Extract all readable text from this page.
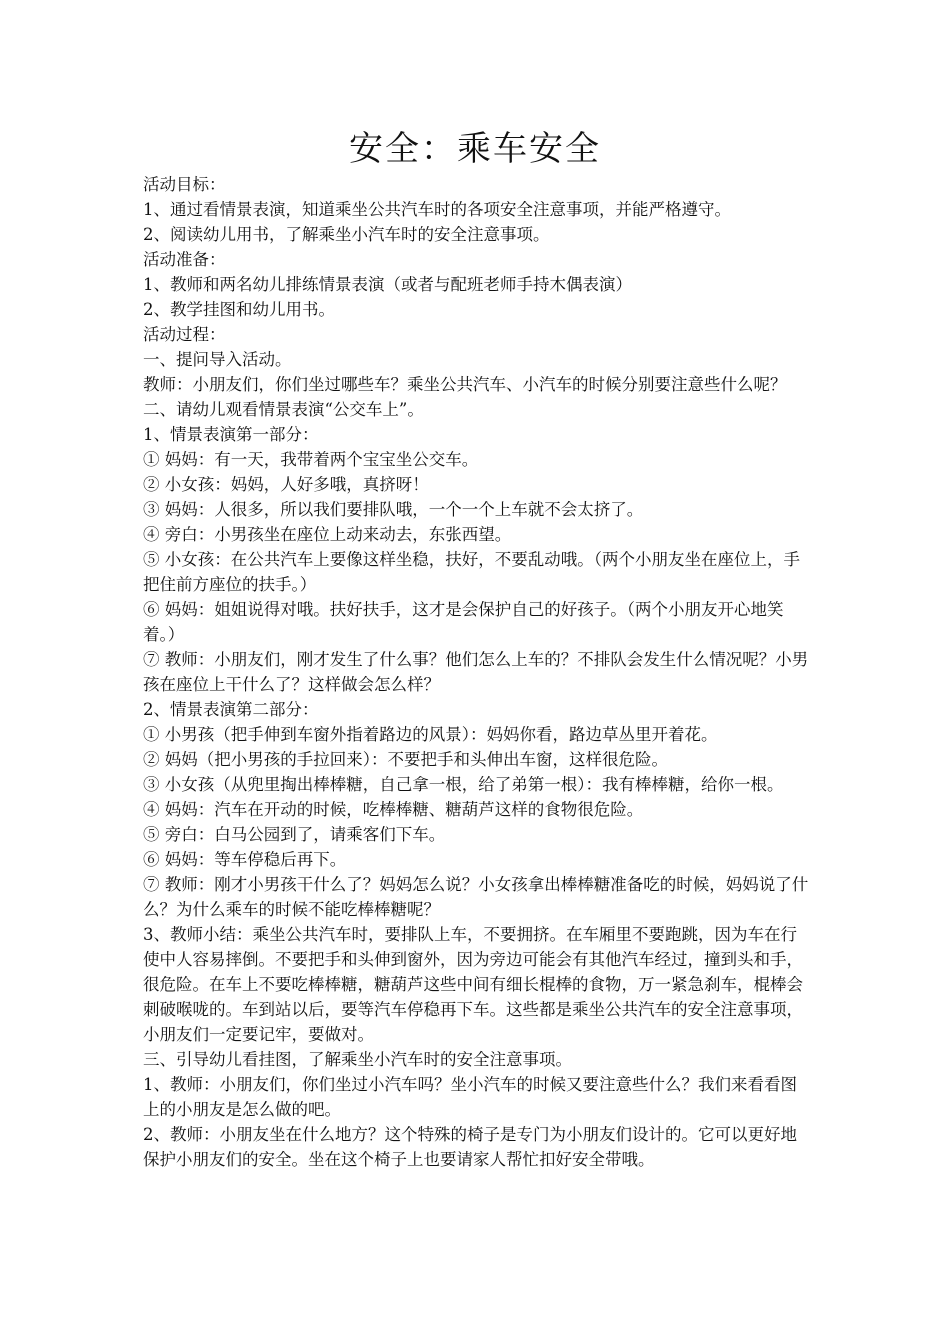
安全：乘车安全

活动目标：

1、通过看情景表演，知道乘坐公共汽车时的各项安全注意事项，并能严格遵守。

2、阅读幼儿用书，了解乘坐小汽车时的安全注意事项。

活动准备：

1、教师和两名幼儿排练情景表演（或者与配班老师手持木偶表演）

2、教学挂图和幼儿用书。

活动过程：

一、提问导入活动。

教师：小朋友们，你们坐过哪些车？乘坐公共汽车、小汽车的时候分别要注意些什么呢？

二、请幼儿观看情景表演“公交车上”。

1、情景表演第一部分：

① 妈妈：有一天，我带着两个宝宝坐公交车。

② 小女孩：妈妈，人好多哦，真挤呀！

③ 妈妈：人很多，所以我们要排队哦，一个一个上车就不会太挤了。

④ 旁白：小男孩坐在座位上动来动去，东张西望。

⑤ 小女孩：在公共汽车上要像这样坐稳，扶好，不要乱动哦。（两个小朋友坐在座位上，手把住前方座位的扶手。）

⑥ 妈妈：姐姐说得对哦。扶好扶手，这才是会保护自己的好孩子。（两个小朋友开心地笑着。）

⑦ 教师：小朋友们，刚才发生了什么事？他们怎么上车的？不排队会发生什么情况呢？小男孩在座位上干什么了？这样做会怎么样？

2、情景表演第二部分：

① 小男孩（把手伸到车窗外指着路边的风景）：妈妈你看，路边草丛里开着花。

② 妈妈（把小男孩的手拉回来）：不要把手和头伸出车窗，这样很危险。

③ 小女孩（从兜里掏出棒棒糖，自己拿一根，给了弟第一根）：我有棒棒糖，给你一根。

④ 妈妈：汽车在开动的时候，吃棒棒糖、糖葫芦这样的食物很危险。

⑤ 旁白：白马公园到了，请乘客们下车。

⑥ 妈妈：等车停稳后再下。

⑦ 教师：刚才小男孩干什么了？妈妈怎么说？小女孩拿出棒棒糖准备吃的时候，妈妈说了什么？为什么乘车的时候不能吃棒棒糖呢？

3、教师小结：乘坐公共汽车时，要排队上车，不要拥挤。在车厢里不要跑跳，因为车在行使中人容易摔倒。不要把手和头伸到窗外，因为旁边可能会有其他汽车经过，撞到头和手，很危险。在车上不要吃棒棒糖，糖葫芦这些中间有细长棍棒的食物，万一紧急刹车，棍棒会刺破喉咙的。车到站以后，要等汽车停稳再下车。这些都是乘坐公共汽车的安全注意事项，小朋友们一定要记牢，要做对。

三、引导幼儿看挂图，了解乘坐小汽车时的安全注意事项。

1、教师：小朋友们，你们坐过小汽车吗？坐小汽车的时候又要注意些什么？我们来看看图上的小朋友是怎么做的吧。

2、教师：小朋友坐在什么地方？这个特殊的椅子是专门为小朋友们设计的。它可以更好地保护小朋友们的安全。坐在这个椅子上也要请家人帮忙扣好安全带哦。
